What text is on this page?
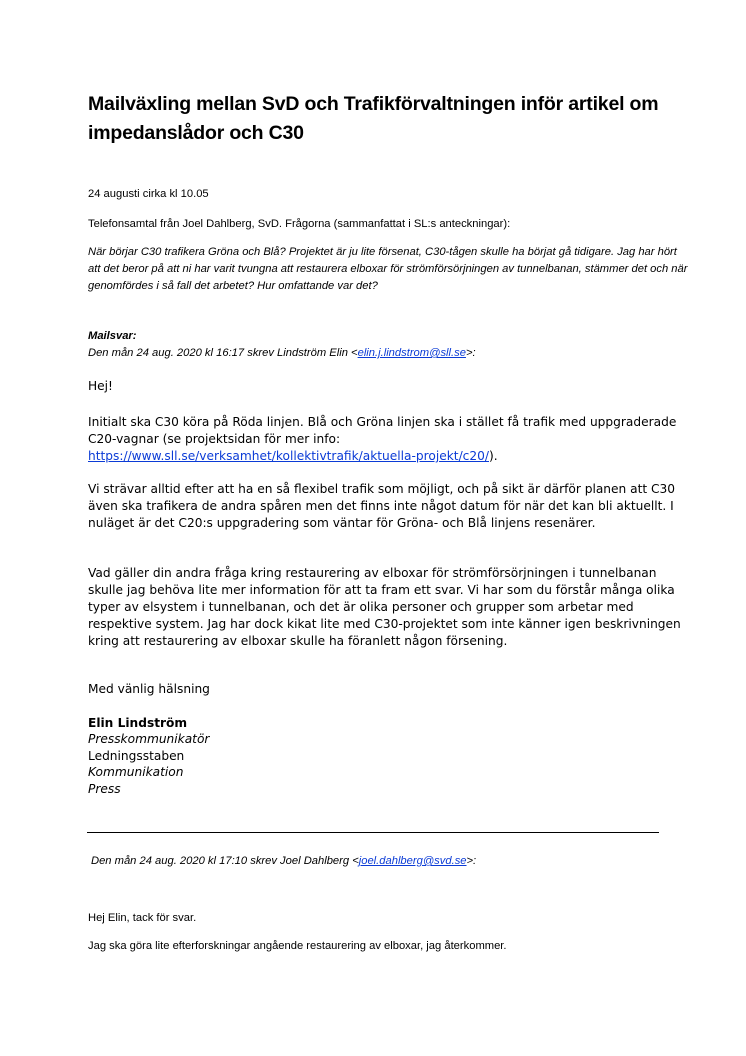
Mailväxling mellan SvD och Trafikförvaltningen inför artikel om impedanslådor och C30

24 augusti cirka kl 10.05

Telefonsamtal från Joel Dahlberg, SvD. Frågorna (sammanfattat i SL:s anteckningar):

När börjar C30 trafikera Gröna och Blå? Projektet är ju lite försenat, C30-tågen skulle ha börjat gå tidigare. Jag har hört att det beror på att ni har varit tvungna att restaurera elboxar för strömförsörjningen av tunnelbanan, stämmer det och när genomfördes i så fall det arbetet? Hur omfattande var det?

Mailsvar:

Den mån 24 aug. 2020 kl 16:17 skrev Lindström Elin <elin.j.lindstrom@sll.se>:

Hej!

Initialt ska C30 köra på Röda linjen. Blå och Gröna linjen ska i stället få trafik med uppgraderade C20-vagnar (se projektsidan för mer info:
https://www.sll.se/verksamhet/kollektivtrafik/aktuella-projekt/c20/).

Vi strävar alltid efter att ha en så flexibel trafik som möjligt, och på sikt är därför planen att C30 även ska trafikera de andra spåren men det finns inte något datum för när det kan bli aktuellt. I nuläget är det C20:s uppgradering som väntar för Gröna- och Blå linjens resenärer.

Vad gäller din andra fråga kring restaurering av elboxar för strömförsörjningen i tunnelbanan skulle jag behöva lite mer information för att ta fram ett svar. Vi har som du förstår många olika typer av elsystem i tunnelbanan, och det är olika personer och grupper som arbetar med respektive system. Jag har dock kikat lite med C30-projektet som inte känner igen beskrivningen kring att restaurering av elboxar skulle ha föranlett någon försening.

Med vänlig hälsning

Elin Lindström

Presskommunikatör

Ledningsstaben

Kommunikation

Press

Den mån 24 aug. 2020 kl 17:10 skrev Joel Dahlberg <joel.dahlberg@svd.se>:

Hej Elin, tack för svar.

Jag ska göra lite efterforskningar angående restaurering av elboxar, jag återkommer.
